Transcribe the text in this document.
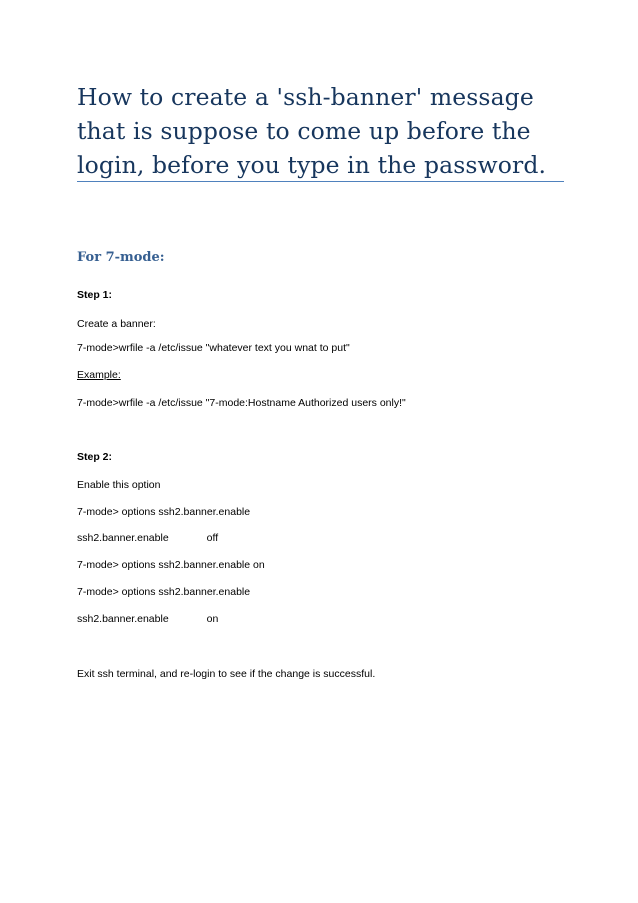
How to create a 'ssh-banner' message
that is suppose to come up before the
login, before you type in the password.
For 7-mode:
Step 1:
Create a banner:
7-mode>wrfile -a /etc/issue "whatever text you wnat to put"
Example:
7-mode>wrfile -a /etc/issue "7-mode:Hostname Authorized users only!"
Step 2:
Enable this option
7-mode> options ssh2.banner.enable
ssh2.banner.enable	off
7-mode> options ssh2.banner.enable on
7-mode> options ssh2.banner.enable
ssh2.banner.enable	on
Exit ssh terminal, and re-login to see if the change is successful.
